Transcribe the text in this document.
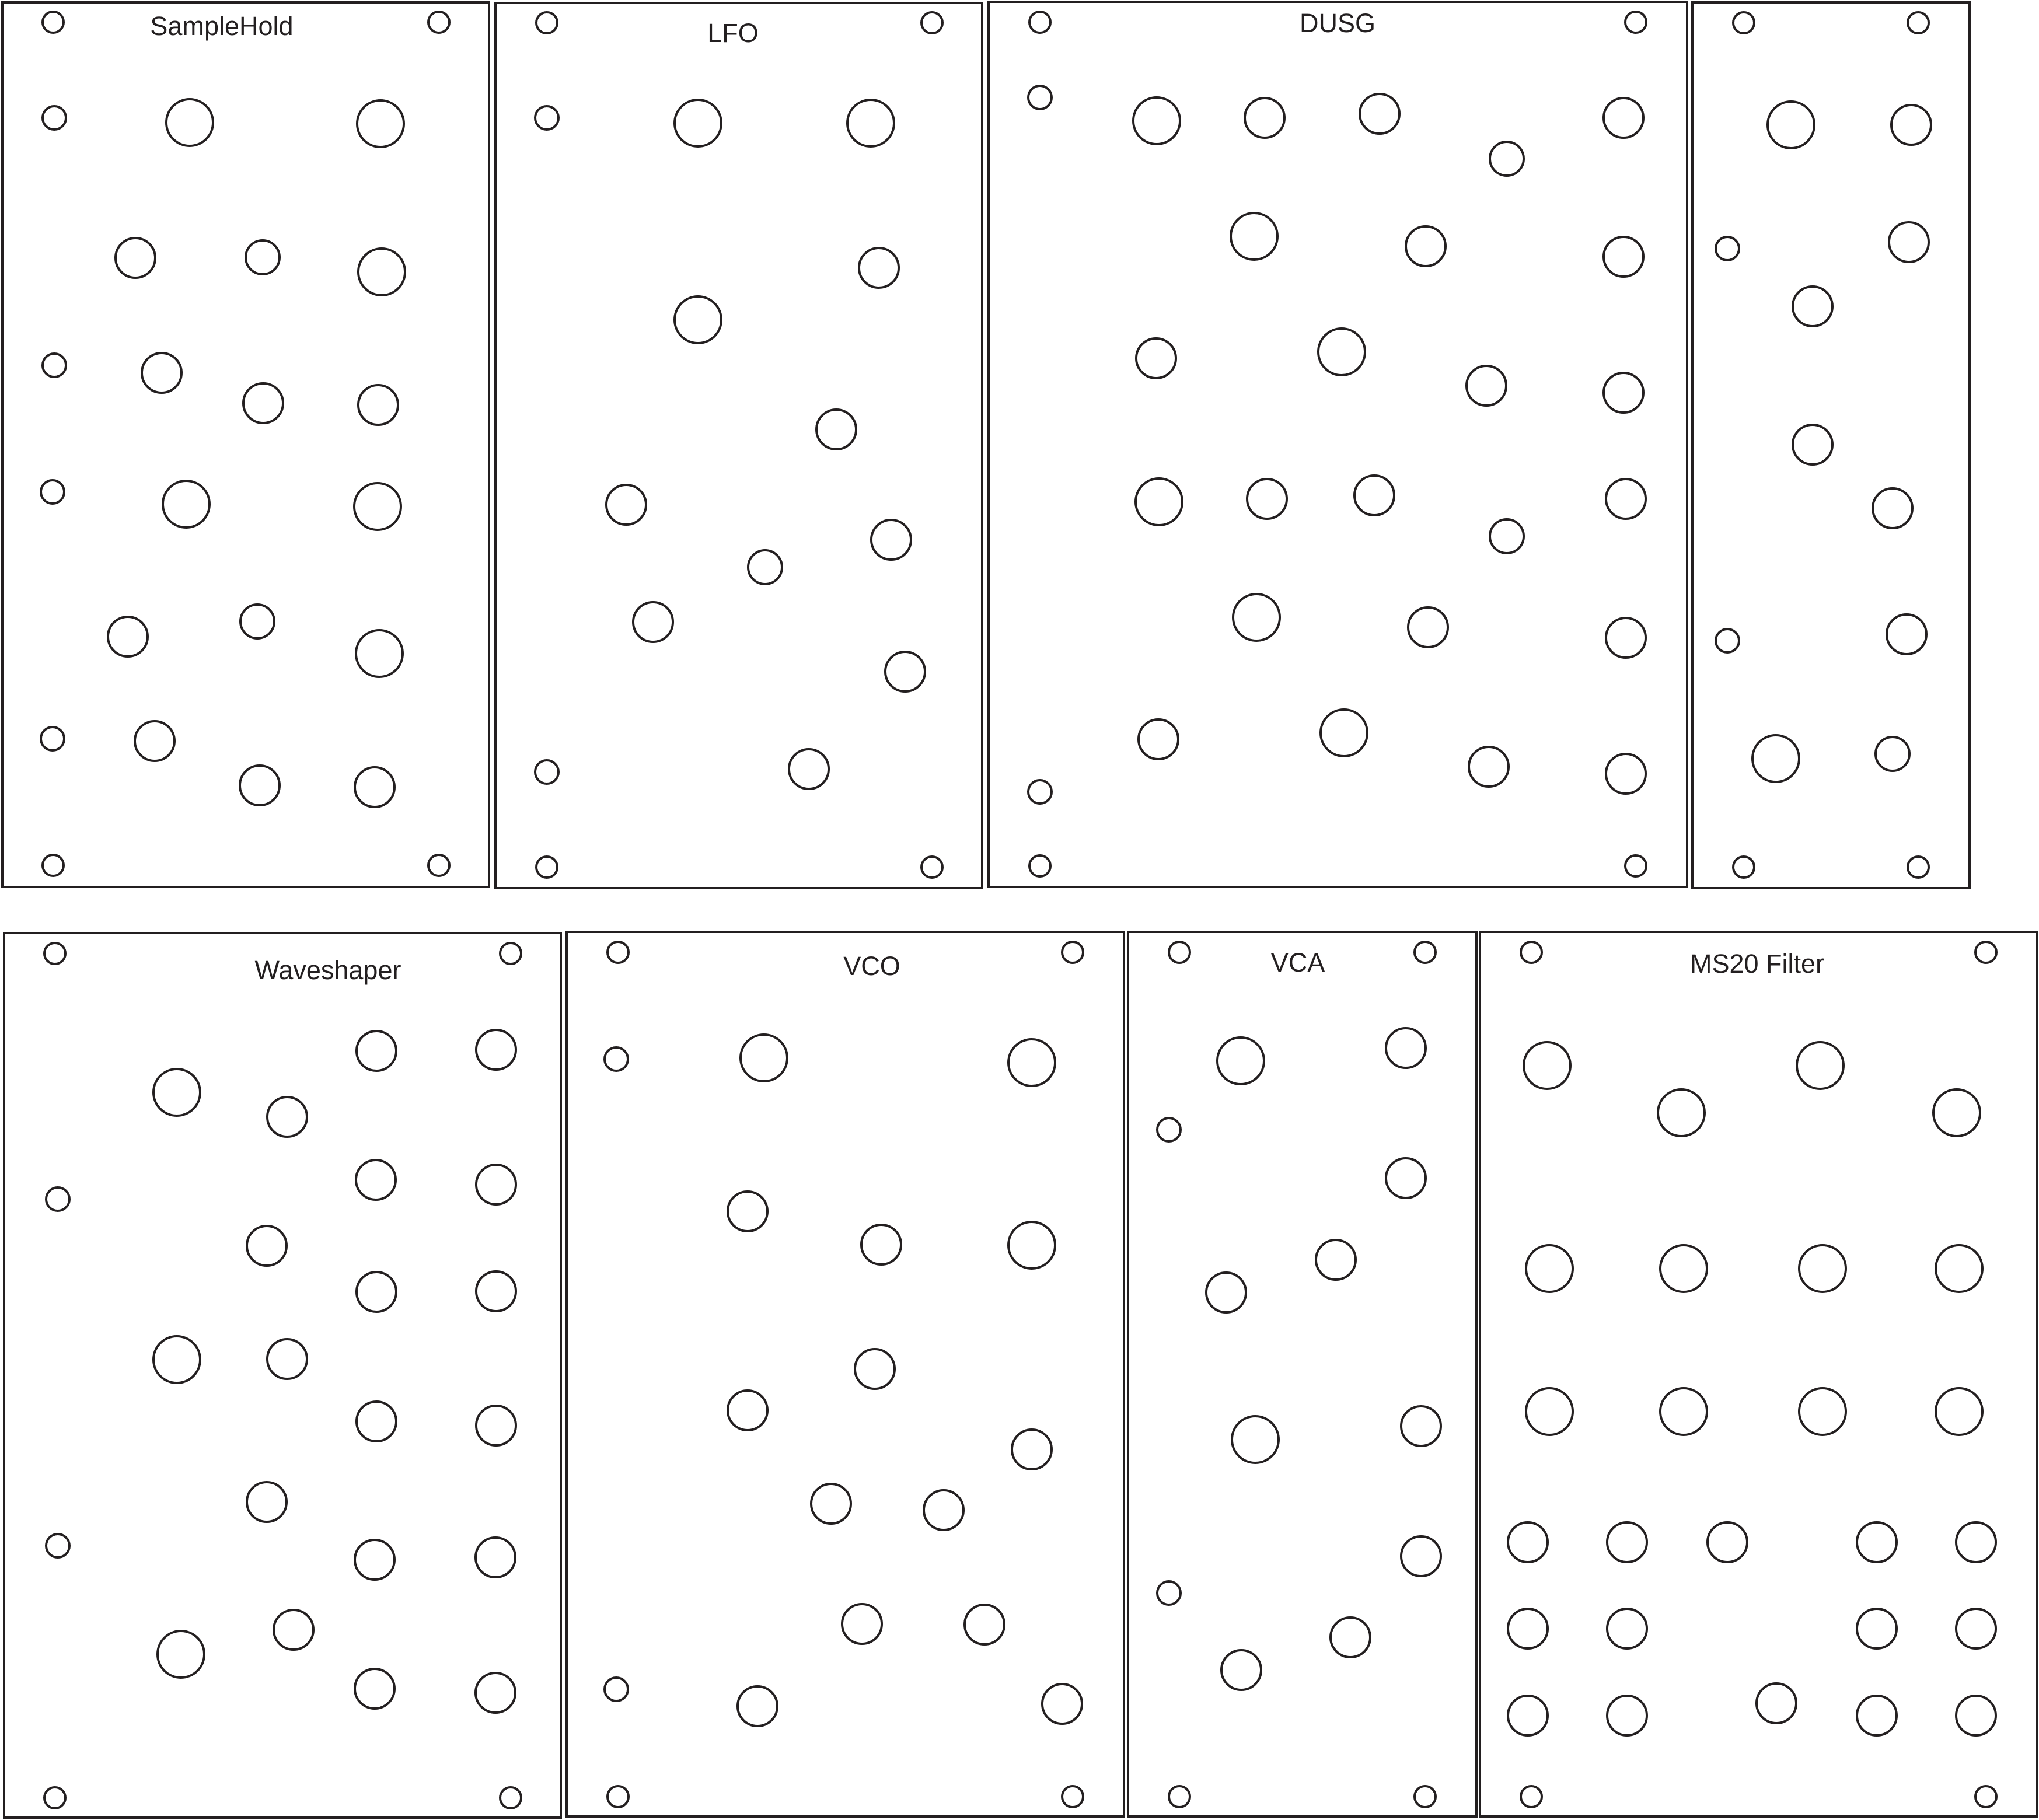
SampleHold	LFO	DUSG
Waveshaper	VCO	VCA	MS20 Filter
